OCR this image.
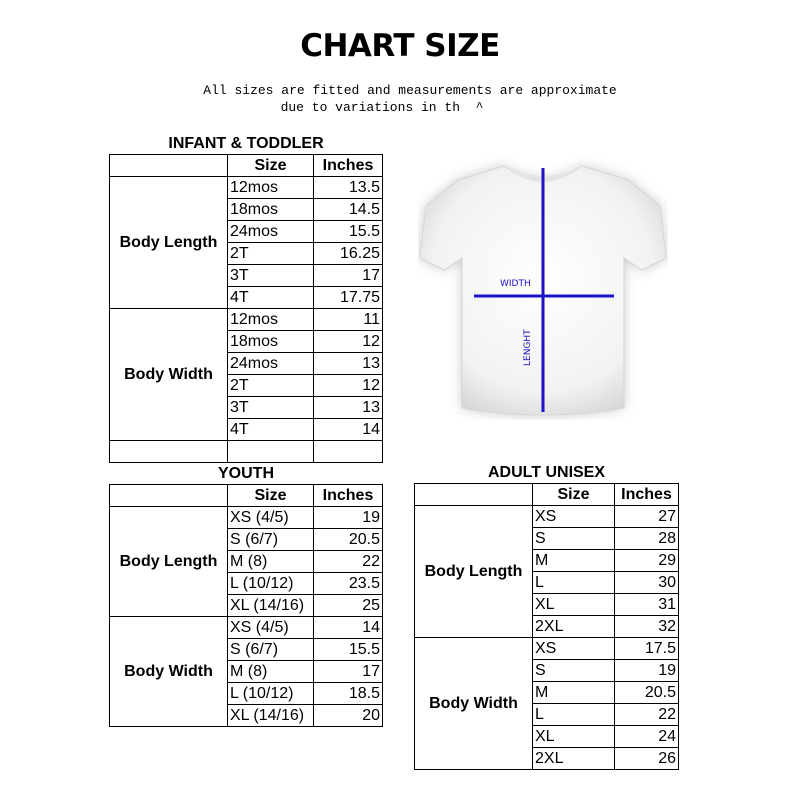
CHART SIZE
All sizes are fitted and measurements are approximate
due to variations in th  ^
INFANT & TODDLER		
	Size	Inches
Body Length	12mos	13.5
	18mos	14.5
	24mos	15.5
	2T	16.25
	3T	17
	4T	17.75
Body Width	12mos	11
	18mos	12
	24mos	13
	2T	12
	3T	13
	4T	14

YOUTH		
	Size	Inches
Body Length	XS (4/5)	19
	S (6/7)	20.5
	M (8)	22
	L (10/12)	23.5
	XL (14/16)	25
Body Width	XS (4/5)	14
	S (6/7)	15.5
	M (8)	17
	L (10/12)	18.5
	XL (14/16)	20
ADULT UNISEX		
	Size	Inches
Body Length	XS	27
	S	28
	M	29
	L	30
	XL	31
	2XL	32
Body Width	XS	17.5
	S	19
	M	20.5
	L	22
	XL	24
	2XL	26
WIDTH
LENGHT
